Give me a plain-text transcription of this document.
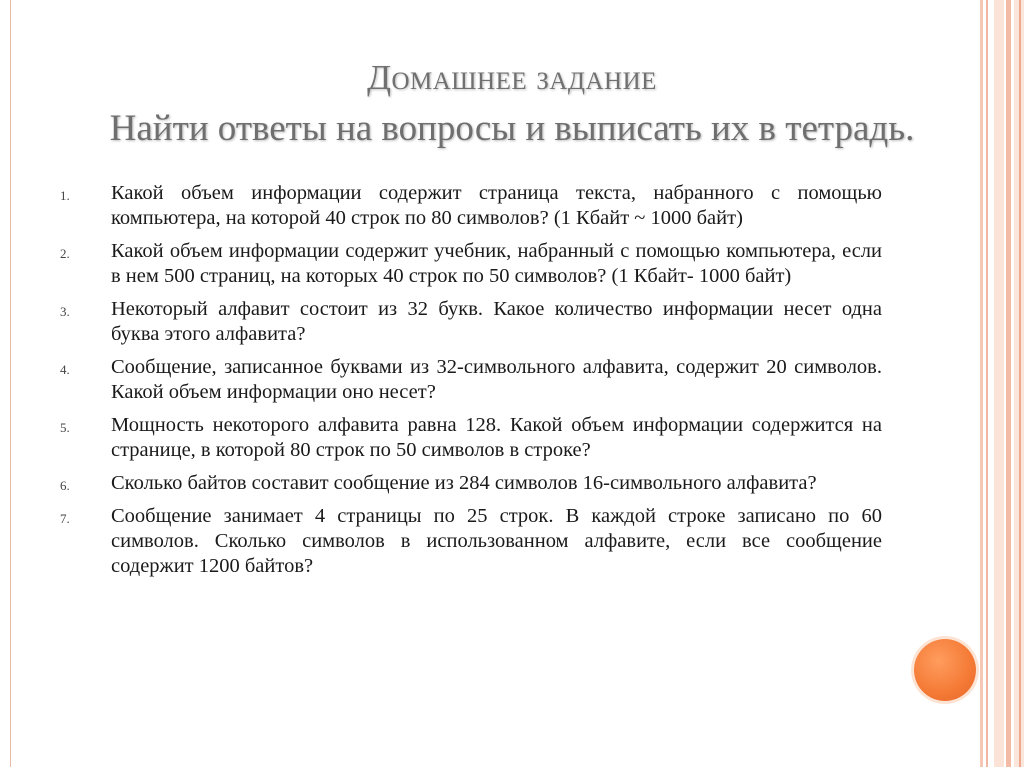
Домашнее задание
Найти ответы на вопросы и выписать их в тетрадь.
1.	Какой объем информации содержит страница текста, набранного с помощью компьютера, на которой 40 строк по 80 символов? (1 Кбайт ~ 1000 байт)
2.	Какой объем информации содержит учебник, набранный с помощью компьютера, если в нем 500 страниц, на которых 40 строк по 50 символов? (1 Кбайт- 1000 байт)
3.	Некоторый алфавит состоит из 32 букв. Какое количество информации несет одна буква этого алфавита?
4.	Сообщение, записанное буквами из 32-символьного алфавита, содержит 20 символов. Какой объем информации оно несет?
5.	Мощность некоторого алфавита равна 128. Какой объем информации содержится на странице, в которой 80 строк по 50 символов в строке?
6.	Сколько байтов составит сообщение из 284 символов 16-символьного алфавита?
7.	Сообщение занимает 4 страницы по 25 строк. В каждой строке записано по 60 символов. Сколько символов в использованном алфавите, если все сообщение содержит 1200 байтов?
